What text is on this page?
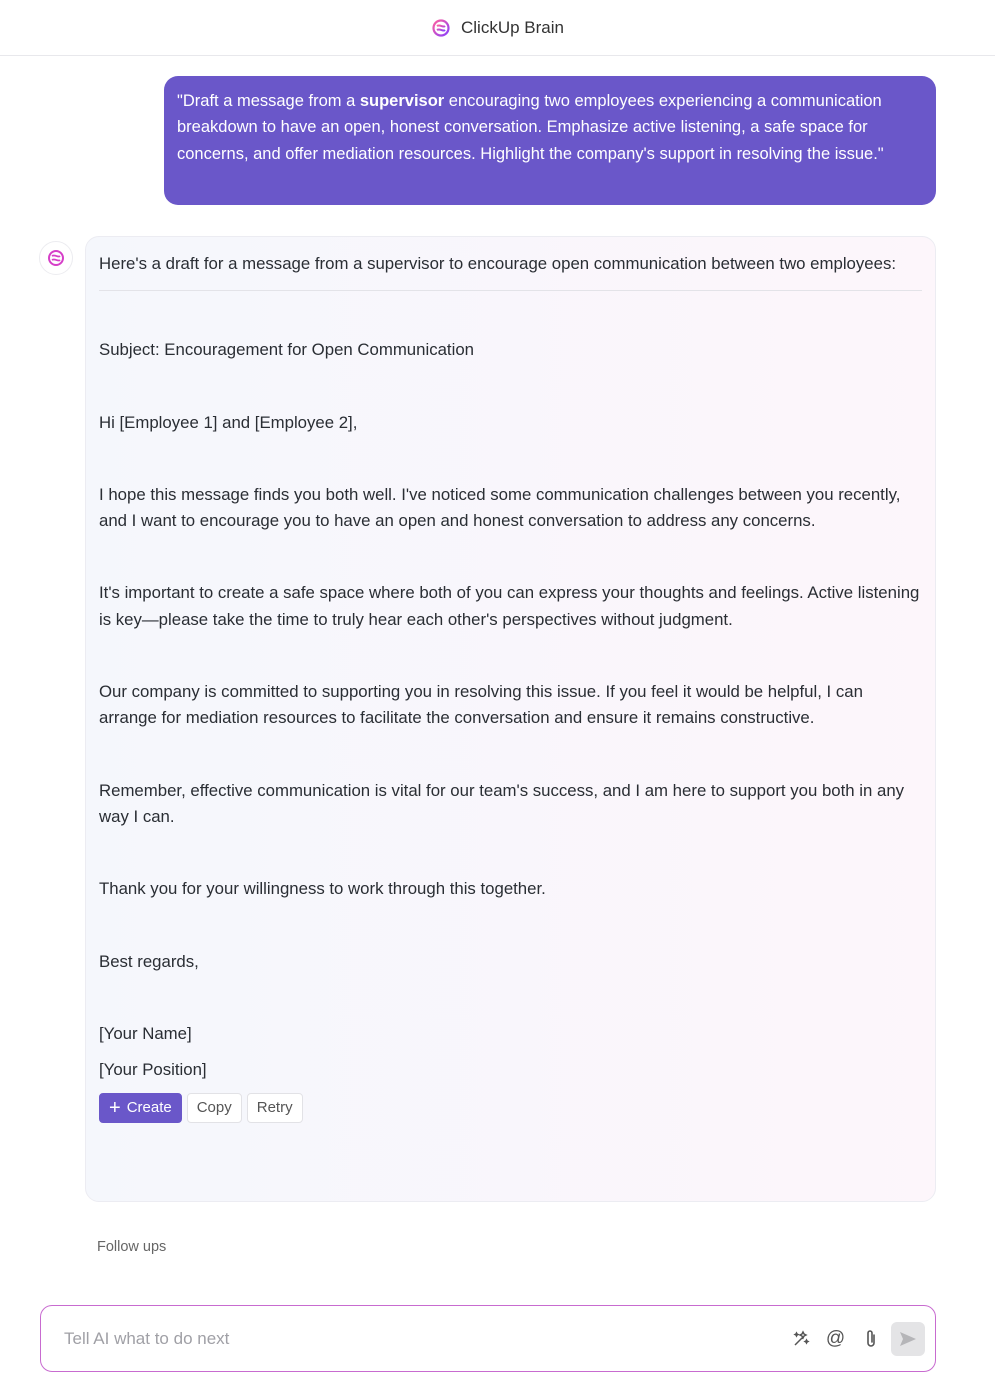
ClickUp Brain
"Draft a message from a supervisor encouraging two employees experiencing a communication breakdown to have an open, honest conversation. Emphasize active listening, a safe space for concerns, and offer mediation resources. Highlight the company's support in resolving the issue."
Here's a draft for a message from a supervisor to encourage open communication between two employees:

Subject: Encouragement for Open Communication

Hi [Employee 1] and [Employee 2],

I hope this message finds you both well. I've noticed some communication challenges between you recently, and I want to encourage you to have an open and honest conversation to address any concerns.

It's important to create a safe space where both of you can express your thoughts and feelings. Active listening is key—please take the time to truly hear each other's perspectives without judgment.

Our company is committed to supporting you in resolving this issue. If you feel it would be helpful, I can arrange for mediation resources to facilitate the conversation and ensure it remains constructive.

Remember, effective communication is vital for our team's success, and I am here to support you both in any way I can.

Thank you for your willingness to work through this together.

Best regards,

[Your Name]

[Your Position]

+ Create	Copy	Retry
Follow ups
Tell AI what to do next
@
